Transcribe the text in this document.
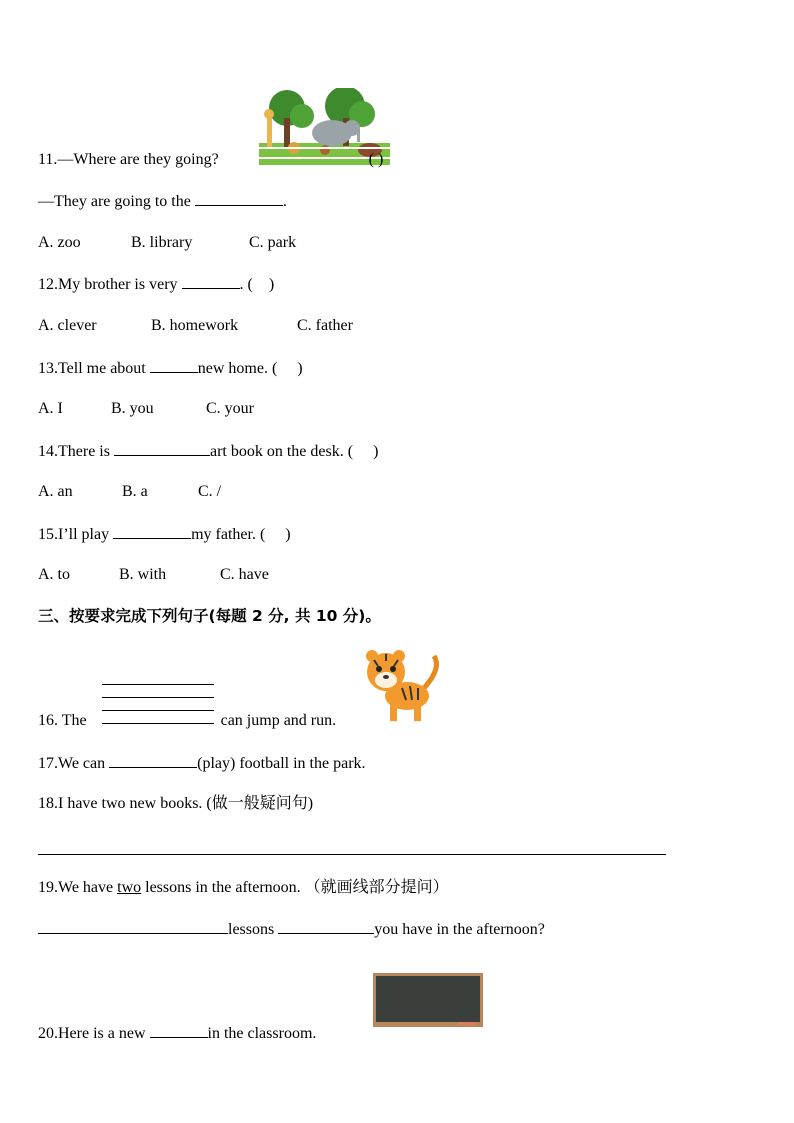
11.—Where are they going?	( )
—They are going to the	.
A. zoo	B. library	C. park
12.My brother is very	. (    )
A. clever	B. homework	C. father
13.Tell me about	new home. (     )
A. I	B. you	C. your
14.There is	art book on the desk. (     )
A. an	B. a	C. /
15.I’ll play	my father. (     )
A. to	B. with	C. have
三、按要求完成下列句子(每题 2 分, 共 10 分)。
16. The	can jump and run.
17.We can	(play) football in the park.
18.I have two new books. (做一般疑问句)
19.We have two lessons in the afternoon. （就画线部分提问）
lessons	you have in the afternoon?
20.Here is a new	in the classroom.
